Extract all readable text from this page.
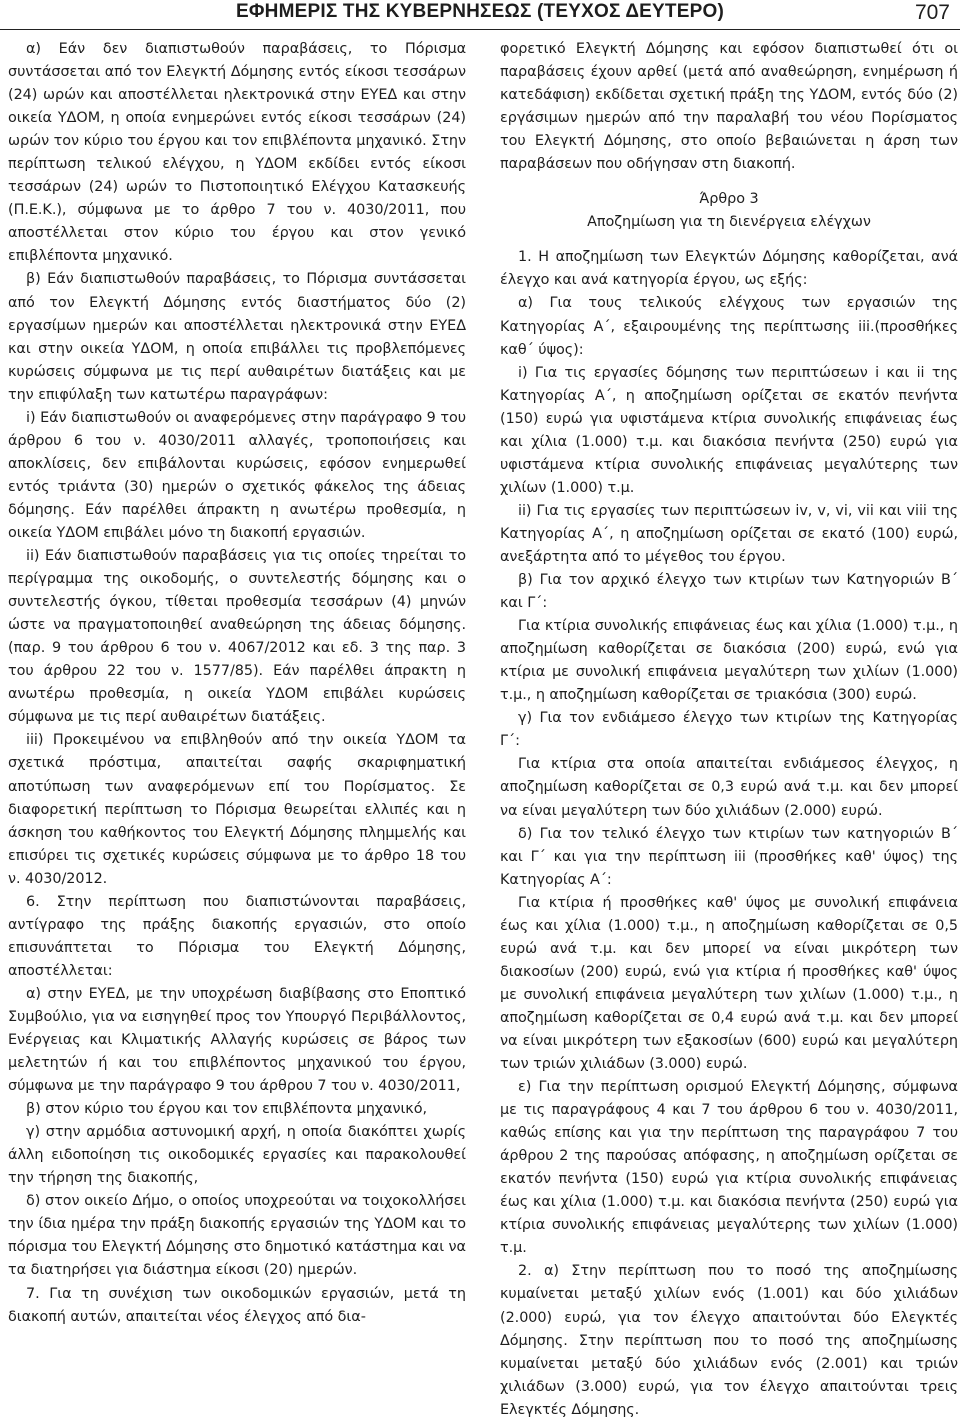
ΕΦΗΜΕΡΙΣ ΤΗΣ ΚΥΒΕΡΝΗΣΕΩΣ (ΤΕΥΧΟΣ ΔΕΥΤΕΡΟ)	707

α) Εάν δεν διαπιστωθούν παραβάσεις, το Πόρισμα συντάσσεται από τον Ελεγκτή Δόμησης εντός είκοσι τεσσάρων (24) ωρών και αποστέλλεται ηλεκτρονικά στην ΕΥΕΔ και στην οικεία ΥΔΟΜ, η οποία ενημερώνει εντός είκοσι τεσσάρων (24) ωρών τον κύριο του έργου και τον επιβλέποντα μηχανικό. Στην περίπτωση τελικού ελέγχου, η ΥΔΟΜ εκδίδει εντός είκοσι τεσσάρων (24) ωρών το Πιστοποιητικό Ελέγχου Κατασκευής (Π.Ε.Κ.), σύμφωνα με το άρθρο 7 του ν. 4030/2011, που αποστέλλεται στον κύριο του έργου και στον γενικό επιβλέποντα μηχανικό.

β) Εάν διαπιστωθούν παραβάσεις, το Πόρισμα συντάσσεται από τον Ελεγκτή Δόμησης εντός διαστήματος δύο (2) εργασίμων ημερών και αποστέλλεται ηλεκτρονικά στην ΕΥΕΔ και στην οικεία ΥΔΟΜ, η οποία επιβάλλει τις προβλεπόμενες κυρώσεις σύμφωνα με τις περί αυθαιρέτων διατάξεις και με την επιφύλαξη των κατωτέρω παραγράφων:

i) Εάν διαπιστωθούν οι αναφερόμενες στην παράγραφο 9 του άρθρου 6 του ν. 4030/2011 αλλαγές, τροποποιήσεις και αποκλίσεις, δεν επιβάλονται κυρώσεις, εφόσον ενημερωθεί εντός τριάντα (30) ημερών ο σχετικός φάκελος της άδειας δόμησης. Εάν παρέλθει άπρακτη η ανωτέρω προθεσμία, η οικεία ΥΔΟΜ επιβάλει μόνο τη διακοπή εργασιών.

ii) Εάν διαπιστωθούν παραβάσεις για τις οποίες τηρείται το περίγραμμα της οικοδομής, ο συντελεστής δόμησης και ο συντελεστής όγκου, τίθεται προθεσμία τεσσάρων (4) μηνών ώστε να πραγματοποιηθεί αναθεώρηση της άδειας δόμησης. (παρ. 9 του άρθρου 6 του ν. 4067/2012 και εδ. 3 της παρ. 3 του άρθρου 22 του ν. 1577/85). Εάν παρέλθει άπρακτη η ανωτέρω προθεσμία, η οικεία ΥΔΟΜ επιβάλει κυρώσεις σύμφωνα με τις περί αυθαιρέτων διατάξεις.

iii) Προκειμένου να επιβληθούν από την οικεία ΥΔΟΜ τα σχετικά πρόστιμα, απαιτείται σαφής σκαριφηματική αποτύπωση των αναφερόμενων επί του Πορίσματος. Σε διαφορετική περίπτωση το Πόρισμα θεωρείται ελλιπές και η άσκηση του καθήκοντος του Ελεγκτή Δόμησης πλημμελής και επισύρει τις σχετικές κυρώσεις σύμφωνα με το άρθρο 18 του ν. 4030/2012.

6. Στην περίπτωση που διαπιστώνονται παραβάσεις, αντίγραφο της πράξης διακοπής εργασιών, στο οποίο επισυνάπτεται το Πόρισμα του Ελεγκτή Δόμησης, αποστέλλεται:

α) στην ΕΥΕΔ, με την υποχρέωση διαβίβασης στο Εποπτικό Συμβούλιο, για να εισηγηθεί προς τον Υπουργό Περιβάλλοντος, Ενέργειας και Κλιματικής Αλλαγής κυρώσεις σε βάρος των μελετητών ή και του επιβλέποντος μηχανικού του έργου, σύμφωνα με την παράγραφο 9 του άρθρου 7 του ν. 4030/2011,

β) στον κύριο του έργου και τον επιβλέποντα μηχανικό,

γ) στην αρμόδια αστυνομική αρχή, η οποία διακόπτει χωρίς άλλη ειδοποίηση τις οικοδομικές εργασίες και παρακολουθεί την τήρηση της διακοπής,

δ) στον οικείο Δήμο, ο οποίος υποχρεούται να τοιχοκολλήσει την ίδια ημέρα την πράξη διακοπής εργασιών της ΥΔΟΜ και το πόρισμα του Ελεγκτή Δόμησης στο δημοτικό κατάστημα και να τα διατηρήσει για διάστημα είκοσι (20) ημερών.

7. Για τη συνέχιση των οικοδομικών εργασιών, μετά τη διακοπή αυτών, απαιτείται νέος έλεγχος από δια-

φορετικό Ελεγκτή Δόμησης και εφόσον διαπιστωθεί ότι οι παραβάσεις έχουν αρθεί (μετά από αναθεώρηση, ενημέρωση ή κατεδάφιση) εκδίδεται σχετική πράξη της ΥΔΟΜ, εντός δύο (2) εργάσιμων ημερών από την παραλαβή του νέου Πορίσματος του Ελεγκτή Δόμησης, στο οποίο βεβαιώνεται η άρση των παραβάσεων που οδήγησαν στη διακοπή.

Άρθρο 3

Αποζημίωση για τη διενέργεια ελέγχων

1. Η αποζημίωση των Ελεγκτών Δόμησης καθορίζεται, ανά έλεγχο και ανά κατηγορία έργου, ως εξής:

α) Για τους τελικούς ελέγχους των εργασιών της Κατηγορίας Α΄, εξαιρουμένης της περίπτωσης iii.(προσθήκες καθ΄ ύψος):

i) Για τις εργασίες δόμησης των περιπτώσεων i και ii της Κατηγορίας Α΄, η αποζημίωση ορίζεται σε εκατόν πενήντα (150) ευρώ για υφιστάμενα κτίρια συνολικής επιφάνειας έως και χίλια (1.000) τ.μ. και διακόσια πενήντα (250) ευρώ για υφιστάμενα κτίρια συνολικής επιφάνειας μεγαλύτερης των χιλίων (1.000) τ.μ.

ii) Για τις εργασίες των περιπτώσεων iv, v, vi, vii και viii της Κατηγορίας Α΄, η αποζημίωση ορίζεται σε εκατό (100) ευρώ, ανεξάρτητα από το μέγεθος του έργου.

β) Για τον αρχικό έλεγχο των κτιρίων των Κατηγοριών Β΄ και Γ΄:

Για κτίρια συνολικής επιφάνειας έως και χίλια (1.000) τ.μ., η αποζημίωση καθορίζεται σε διακόσια (200) ευρώ, ενώ για κτίρια με συνολική επιφάνεια μεγαλύτερη των χιλίων (1.000) τ.μ., η αποζημίωση καθορίζεται σε τριακόσια (300) ευρώ.

γ) Για τον ενδιάμεσο έλεγχο των κτιρίων της Κατηγορίας Γ΄:

Για κτίρια στα οποία απαιτείται ενδιάμεσος έλεγχος, η αποζημίωση καθορίζεται σε 0,3 ευρώ ανά τ.μ. και δεν μπορεί να είναι μεγαλύτερη των δύο χιλιάδων (2.000) ευρώ.

δ) Για τον τελικό έλεγχο των κτιρίων των κατηγοριών Β΄ και Γ΄ και για την περίπτωση iii (προσθήκες καθ' ύψος) της Κατηγορίας Α΄:

Για κτίρια ή προσθήκες καθ' ύψος με συνολική επιφάνεια έως και χίλια (1.000) τ.μ., η αποζημίωση καθορίζεται σε 0,5 ευρώ ανά τ.μ. και δεν μπορεί να είναι μικρότερη των διακοσίων (200) ευρώ, ενώ για κτίρια ή προσθήκες καθ' ύψος με συνολική επιφάνεια μεγαλύτερη των χιλίων (1.000) τ.μ., η αποζημίωση καθορίζεται σε 0,4 ευρώ ανά τ.μ. και δεν μπορεί να είναι μικρότερη των εξακοσίων (600) ευρώ και μεγαλύτερη των τριών χιλιάδων (3.000) ευρώ.

ε) Για την περίπτωση ορισμού Ελεγκτή Δόμησης, σύμφωνα με τις παραγράφους 4 και 7 του άρθρου 6 του ν. 4030/2011, καθώς επίσης και για την περίπτωση της παραγράφου 7 του άρθρου 2 της παρούσας απόφασης, η αποζημίωση ορίζεται σε εκατόν πενήντα (150) ευρώ για κτίρια συνολικής επιφάνειας έως και χίλια (1.000) τ.μ. και διακόσια πενήντα (250) ευρώ για κτίρια συνολικής επιφάνειας μεγαλύτερης των χιλίων (1.000) τ.μ.

2. α) Στην περίπτωση που το ποσό της αποζημίωσης κυμαίνεται μεταξύ χιλίων ενός (1.001) και δύο χιλιάδων (2.000) ευρώ, για τον έλεγχο απαιτούνται δύο Ελεγκτές Δόμησης. Στην περίπτωση που το ποσό της αποζημίωσης κυμαίνεται μεταξύ δύο χιλιάδων ενός (2.001) και τριών χιλιάδων (3.000) ευρώ, για τον έλεγχο απαιτούνται τρεις Ελεγκτές Δόμησης.
